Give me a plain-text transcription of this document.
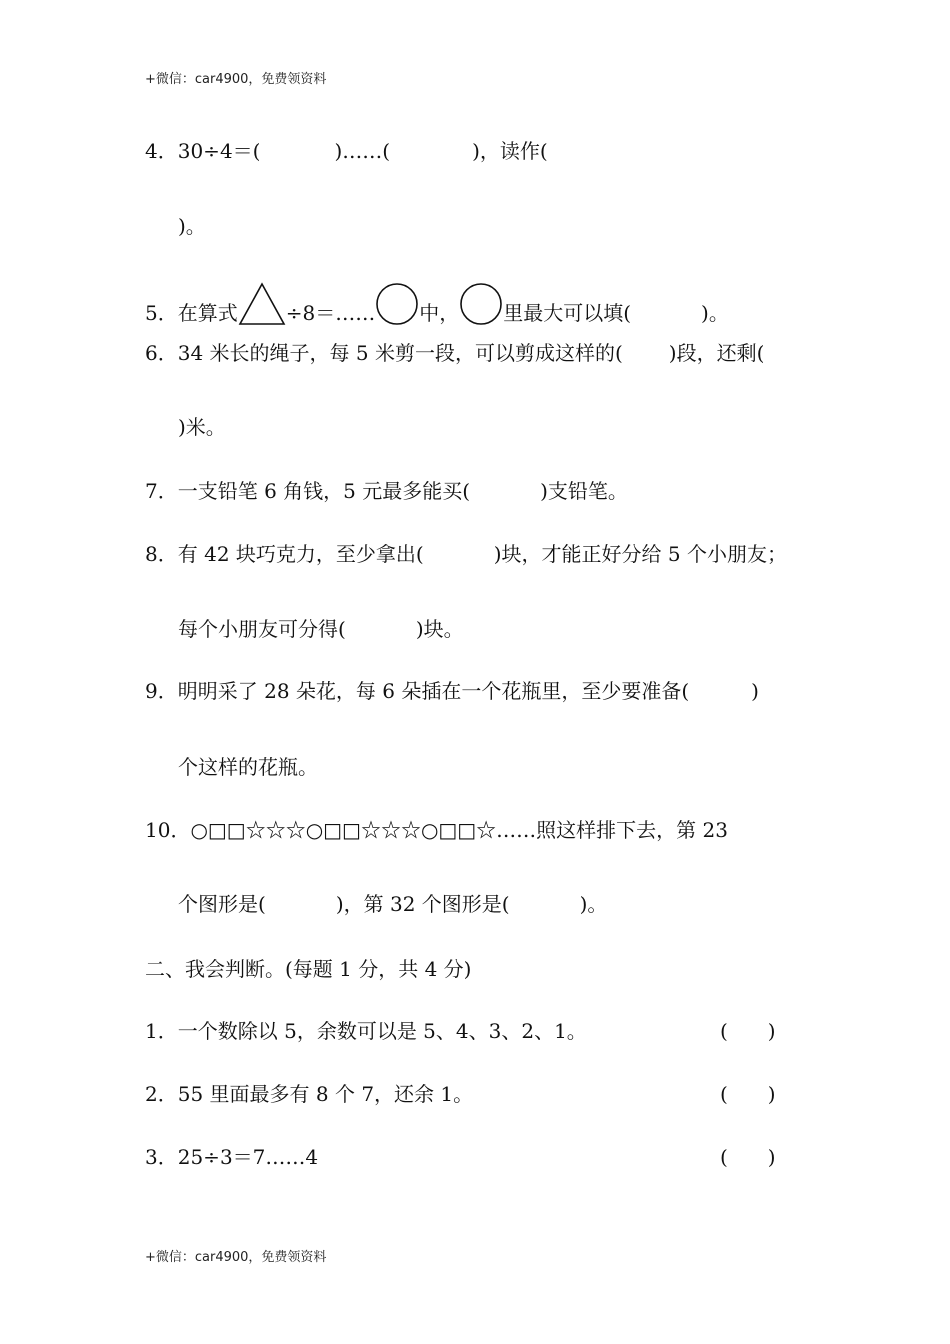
+微信：car4900，免费领资料
4．30÷4＝(	)……(	)，读作(
)。
5．在算式 ÷8＝…… 中， 里最大可以填(	)。
6．34 米长的绳子，每 5 米剪一段，可以剪成这样的( )段，还剩(
)米。
7．一支铅笔 6 角钱，5 元最多能买(	)支铅笔。
8．有 42 块巧克力，至少拿出(	)块，才能正好分给 5 个小朋友；
每个小朋友可分得(	)块。
9．明明采了 28 朵花，每 6 朵插在一个花瓶里，至少要准备(	)
个这样的花瓶。
10．○□□☆☆☆○□□☆☆☆○□□☆……照这样排下去，第 23
个图形是(	)，第 32 个图形是(	)。
二、我会判断。(每题 1 分，共 4 分)
1．一个数除以 5，余数可以是 5、4、3、2、1。	(　　)
2．55 里面最多有 8 个 7，还余 1。	(　　)
3．25÷3＝7……4	(　　)
+微信：car4900，免费领资料
